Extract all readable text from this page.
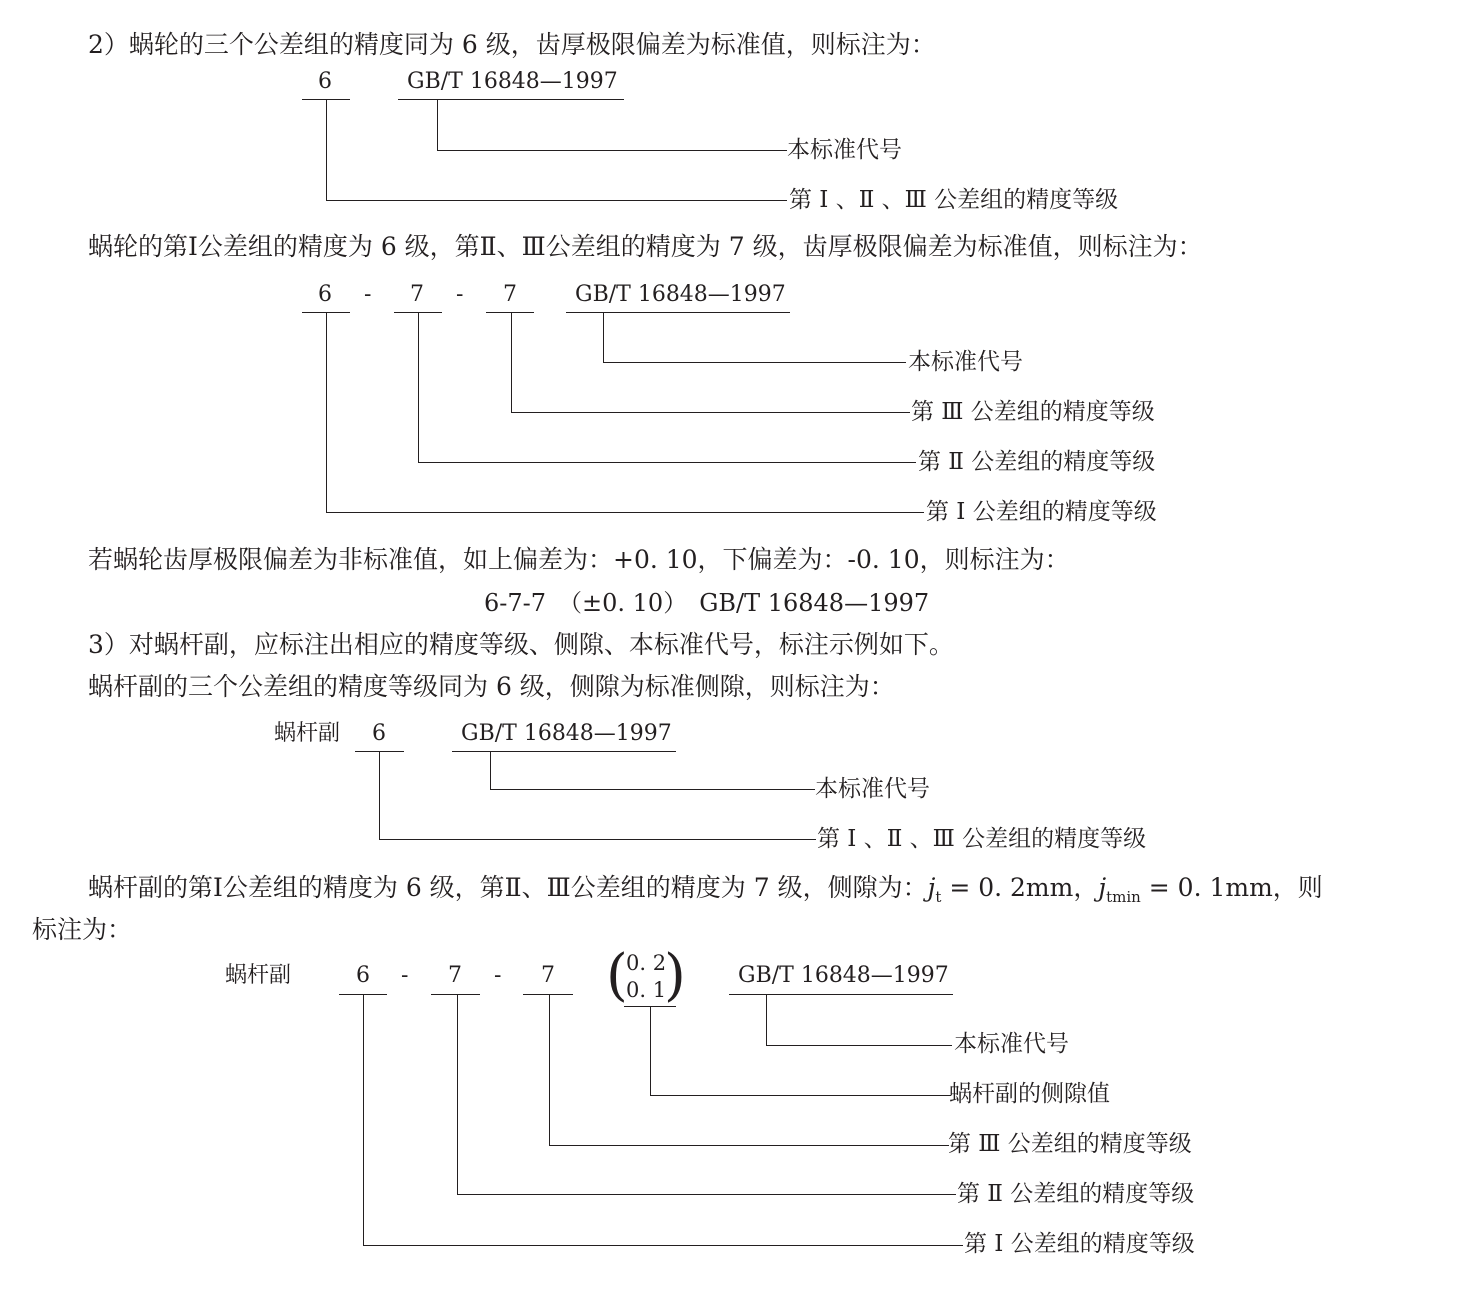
2）蜗轮的三个公差组的精度同为 6 级，齿厚极限偏差为标准值，则标注为：
6	GB/T 16848—1997
本标准代号
第 Ⅰ 、Ⅱ 、Ⅲ 公差组的精度等级
蜗轮的第Ⅰ公差组的精度为 6 级，第Ⅱ、Ⅲ公差组的精度为 7 级，齿厚极限偏差为标准值，则标注为：
6 - 7 - 7	GB/T 16848—1997
本标准代号
第 Ⅲ 公差组的精度等级
第 Ⅱ 公差组的精度等级
第 Ⅰ 公差组的精度等级
若蜗轮齿厚极限偏差为非标准值，如上偏差为：+0. 10，下偏差为：-0. 10，则标注为：
6-7-7　（±0. 10）　GB/T 16848—1997
3）对蜗杆副，应标注出相应的精度等级、侧隙、本标准代号，标注示例如下。
蜗杆副的三个公差组的精度等级同为 6 级，侧隙为标准侧隙，则标注为：
蜗杆副 6	GB/T 16848—1997
本标准代号
第 Ⅰ 、Ⅱ 、Ⅲ 公差组的精度等级
蜗杆副的第Ⅰ公差组的精度为 6 级，第Ⅱ、Ⅲ公差组的精度为 7 级，侧隙为：$j_t = 0$. 2mm，$j_{tmin} = 0$. 1mm，则
标注为：
蜗杆副	6 - 7 - 7 (
0. 2
0. 1
) GB/T 16848—1997
本标准代号
蜗杆副的侧隙值
第 Ⅲ 公差组的精度等级
第 Ⅱ 公差组的精度等级
第 Ⅰ 公差组的精度等级
